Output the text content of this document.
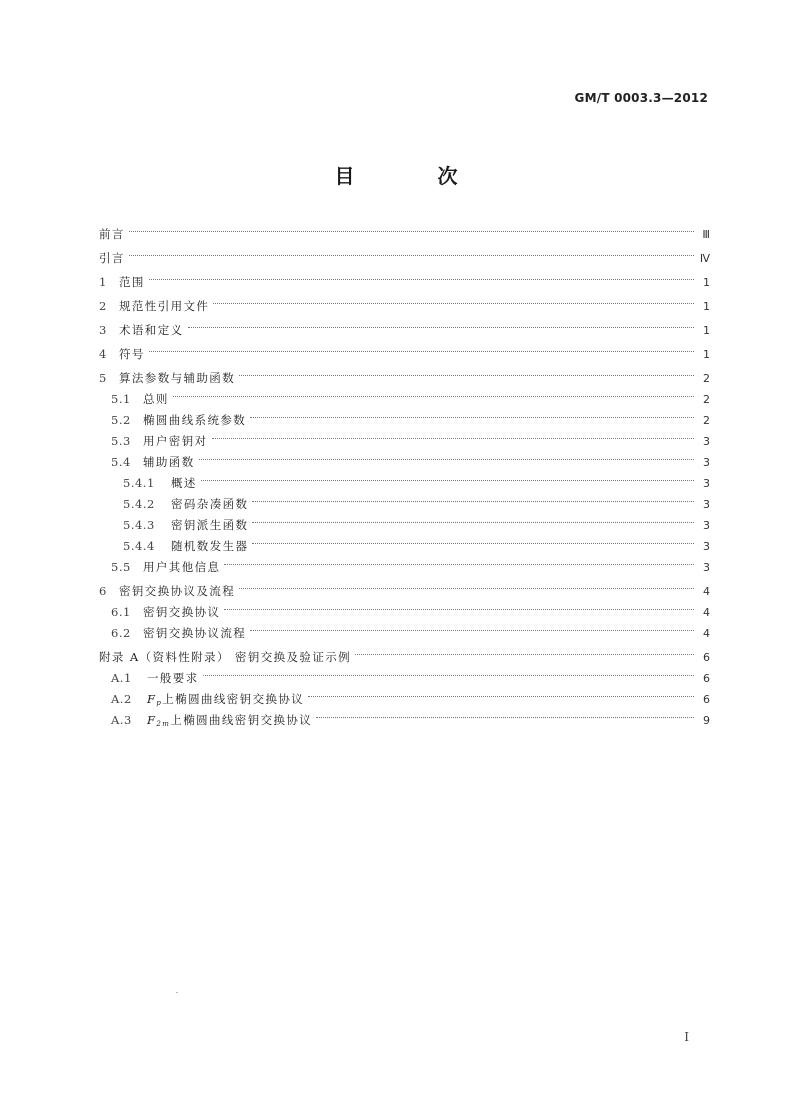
GM/T 0003.3—2012
目 次
前言	Ⅲ
引言	Ⅳ
1	范围	1
2	规范性引用文件	1
3	术语和定义	1
4	符号	1
5	算法参数与辅助函数	2
5.1	总则	2
5.2	椭圆曲线系统参数	2
5.3	用户密钥对	3
5.4	辅助函数	3
5.4.1	概述	3
5.4.2	密码杂凑函数	3
5.4.3	密钥派生函数	3
5.4.4	随机数发生器	3
5.5	用户其他信息	3
6	密钥交换协议及流程	4
6.1	密钥交换协议	4
6.2	密钥交换协议流程	4
附录 A（资料性附录） 密钥交换及验证示例	6
A.1	一般要求	6
A.2	$F_p$上椭圆曲线密钥交换协议	6
A.3	$F_{2m}$上椭圆曲线密钥交换协议	9
I
